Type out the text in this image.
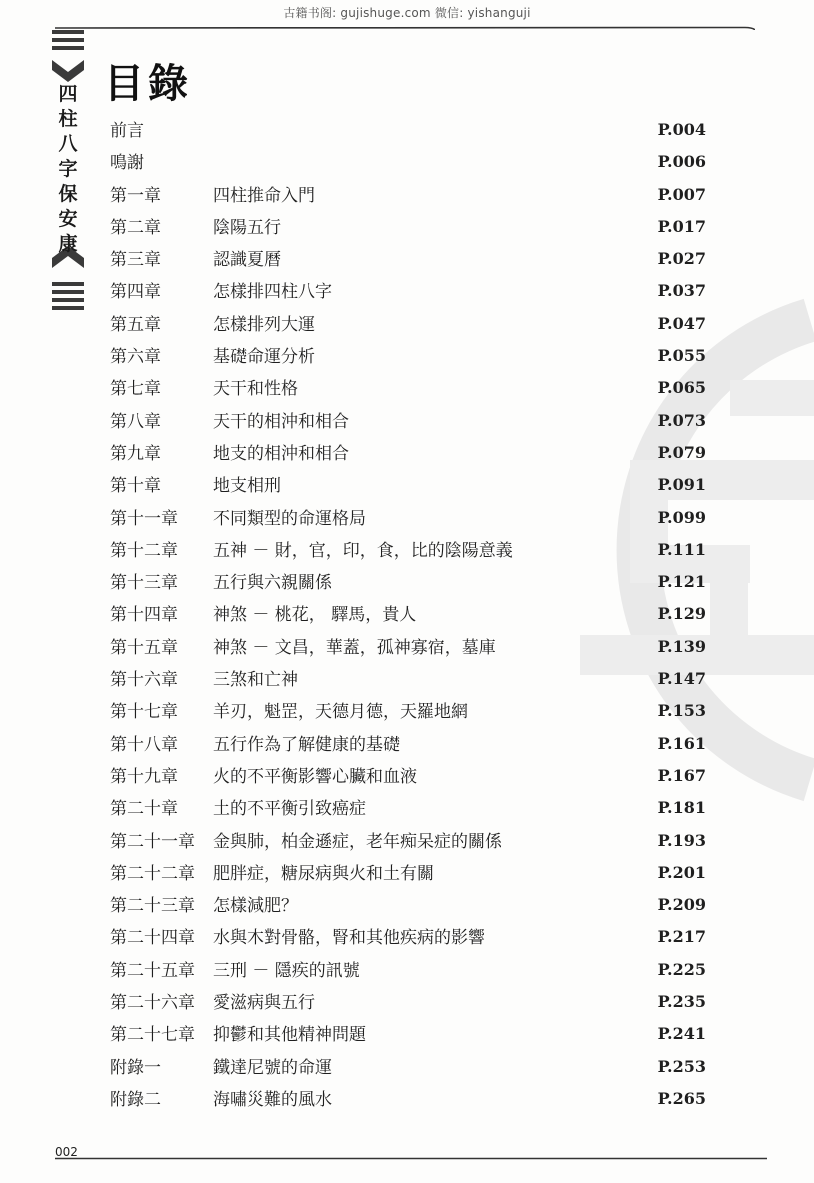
古籍书阁: gujishuge.com 微信: yishanguji
四
柱
八
字
保
安
康
目錄
前言	P.004
鳴謝	P.006
第一章	四柱推命入門	P.007
第二章	陰陽五行	P.017
第三章	認識夏曆	P.027
第四章	怎樣排四柱八字	P.037
第五章	怎樣排列大運	P.047
第六章	基礎命運分析	P.055
第七章	天干和性格	P.065
第八章	天干的相沖和相合	P.073
第九章	地支的相沖和相合	P.079
第十章	地支相刑	P.091
第十一章 不同類型的命運格局	P.099
第十二章 五神 － 財，官，印，食，比的陰陽意義	P.111
第十三章 五行與六親關係	P.121
第十四章 神煞 － 桃花， 驛馬，貴人	P.129
第十五章 神煞 － 文昌，華蓋，孤神寡宿，墓庫	P.139
第十六章 三煞和亡神	P.147
第十七章 羊刃，魁罡，天德月德，天羅地網	P.153
第十八章 五行作為了解健康的基礎	P.161
第十九章 火的不平衡影響心臟和血液	P.167
第二十章 土的不平衡引致癌症	P.181
第二十一章 金與肺，柏金遜症，老年痴呆症的關係	P.193
第二十二章 肥胖症，糖尿病與火和土有關	P.201
第二十三章 怎樣減肥？	P.209
第二十四章 水與木對骨骼，腎和其他疾病的影響	P.217
第二十五章 三刑 － 隱疾的訊號	P.225
第二十六章 愛滋病與五行	P.235
第二十七章 抑鬱和其他精神問題	P.241
附錄一	鐵達尼號的命運	P.253
附錄二	海嘯災難的風水	P.265
002
